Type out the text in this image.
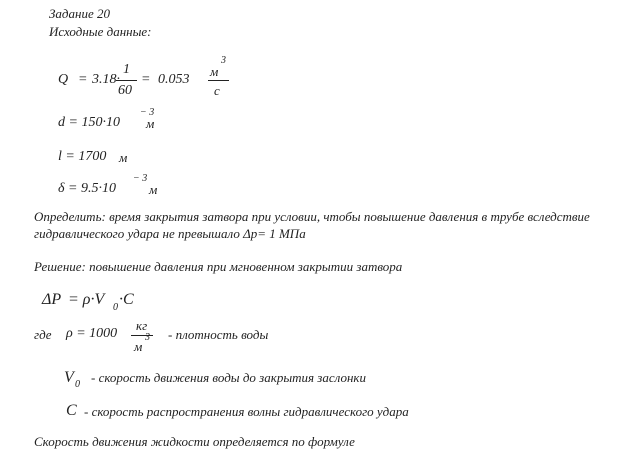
Задание 20
Исходные данные:
Q = 3.18·
1
60
= 0.053
м
3
с
d = 150·10
− 3
м
l = 1700 м
δ = 9.5·10
− 3
м
Определить: время закрытия затвора при условии, чтобы повышение давления в трубе вследствие
гидравлического удара не превышало Δр= 1 МПа
Решение: повышение давления при мгновенном закрытии затвора
ΔP = ρ·V 0 ·C
где ρ = 1000
кг
м
3 - плотность воды
V 0 - скорость движения воды до закрытия заслонки
C - скорость распространения волны гидравлического удара
Скорость движения жидкости определяется по формуле
